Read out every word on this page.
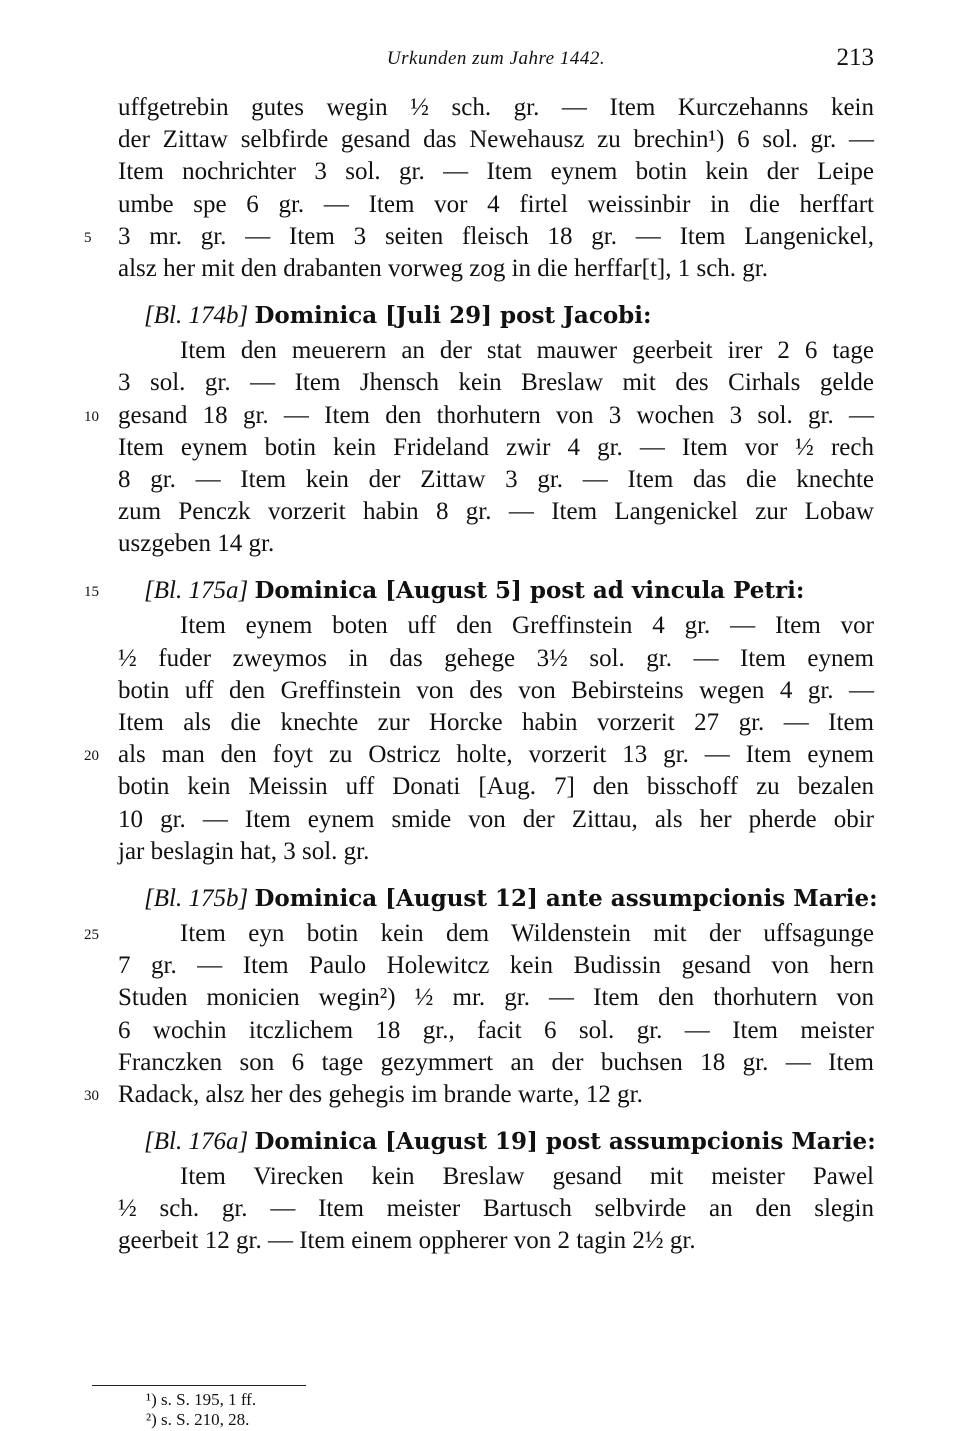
Urkunden zum Jahre 1442.	213
uffgetrebin gutes wegin ½ sch. gr. — Item Kurczehanns kein
der Zittaw selbfirde gesand das Newehausz zu brechin¹) 6 sol. gr. —
Item nochrichter 3 sol. gr. — Item eynem botin kein der Leipe
umbe spe 6 gr. — Item vor 4 firtel weissinbir in die herffart
5 3 mr. gr. — Item 3 seiten fleisch 18 gr. — Item Langenickel,
alsz her mit den drabanten vorweg zog in die herffar[t], 1 sch. gr.
[Bl. 174b] Dominica [Juli 29] post Jacobi:
Item den meuerern an der stat mauwer geerbeit irer 2 6 tage
3 sol. gr. — Item Jhensch kein Breslaw mit des Cirhals gelde
10 gesand 18 gr. — Item den thorhutern von 3 wochen 3 sol. gr. —
Item eynem botin kein Frideland zwir 4 gr. — Item vor ½ rech
8 gr. — Item kein der Zittaw 3 gr. — Item das die knechte
zum Penczk vorzerit habin 8 gr. — Item Langenickel zur Lobaw
uszgeben 14 gr.
15 [Bl. 175a] Dominica [August 5] post ad vincula Petri:
Item eynem boten uff den Greffinstein 4 gr. — Item vor
½ fuder zweymos in das gehege 3½ sol. gr. — Item eynem
botin uff den Greffinstein von des von Bebirsteins wegen 4 gr. —
Item als die knechte zur Horcke habin vorzerit 27 gr. — Item
20 als man den foyt zu Ostricz holte, vorzerit 13 gr. — Item eynem
botin kein Meissin uff Donati [Aug. 7] den bisschoff zu bezalen
10 gr. — Item eynem smide von der Zittau, als her pherde obir
jar beslagin hat, 3 sol. gr.
[Bl. 175b] Dominica [August 12] ante assumpcionis Marie:
25	Item eyn botin kein dem Wildenstein mit der uffsagunge
7 gr. — Item Paulo Holewitcz kein Budissin gesand von hern
Studen monicien wegin²) ½ mr. gr. — Item den thorhutern von
6 wochin itczlichem 18 gr., facit 6 sol. gr. — Item meister
Franczken son 6 tage gezymmert an der buchsen 18 gr. — Item
30 Radack, alsz her des gehegis im brande warte, 12 gr.
[Bl. 176a] Dominica [August 19] post assumpcionis Marie:
Item Virecken kein Breslaw gesand mit meister Pawel
½ sch. gr. — Item meister Bartusch selbvirde an den slegin
geerbeit 12 gr. — Item einem oppherer von 2 tagin 2½ gr.
¹) s. S. 195, 1 ff.
²) s. S. 210, 28.
